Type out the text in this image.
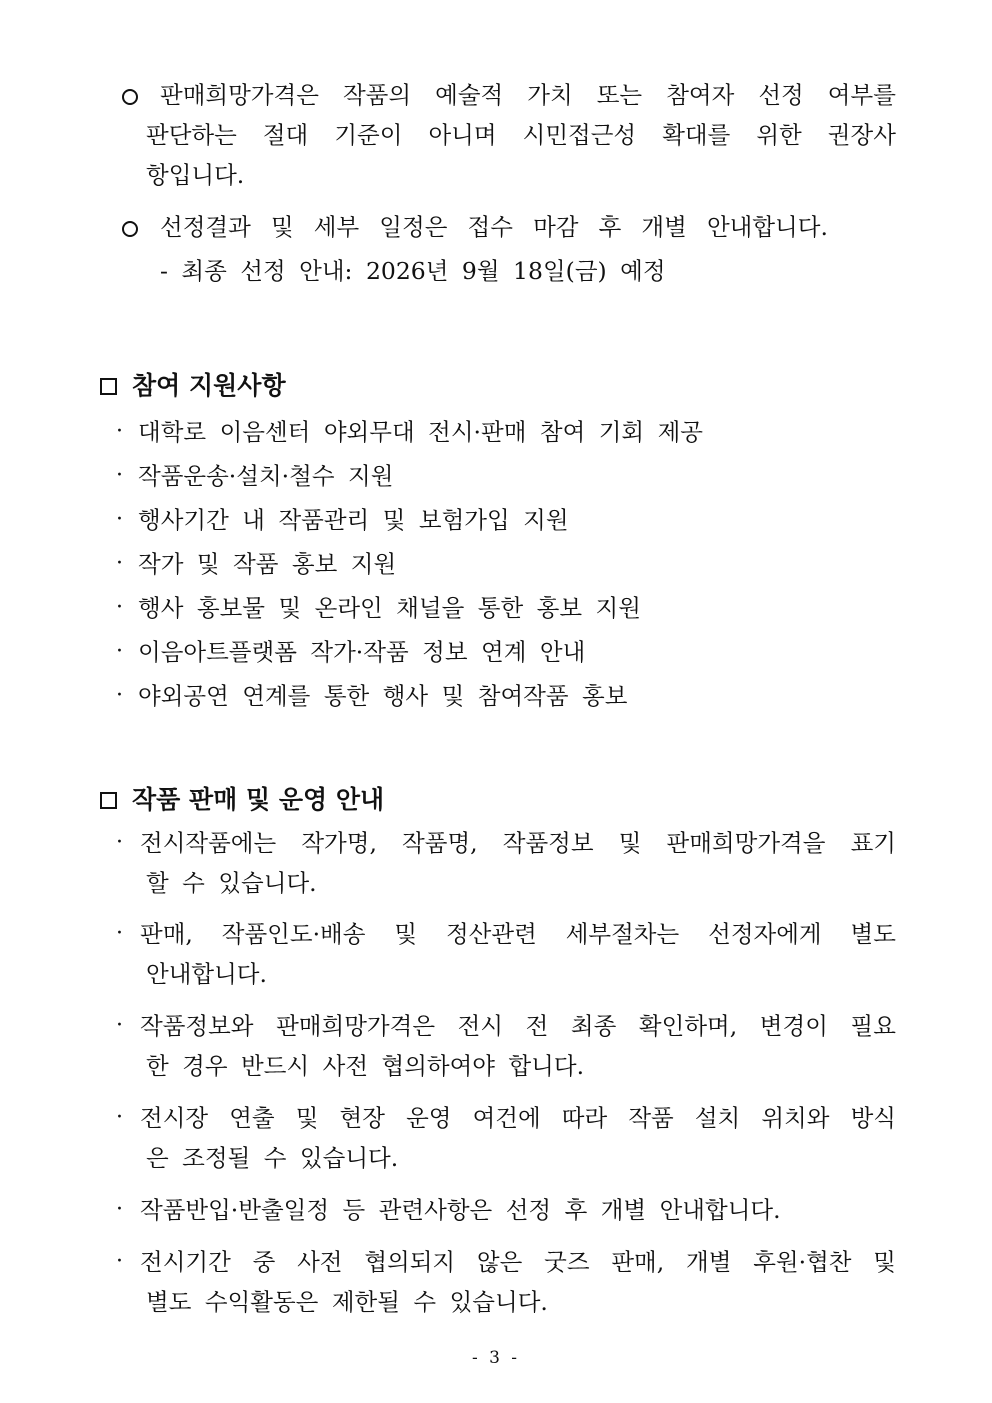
판매희망가격은 작품의 예술적 가치 또는 참여자 선정 여부를
판단하는 절대 기준이 아니며 시민접근성 확대를 위한 권장사
항입니다.
선정결과 및 세부 일정은 접수 마감 후 개별 안내합니다.
- 최종 선정 안내: 2026년 9월 18일(금) 예정
참여 지원사항
· 대학로 이음센터 야외무대 전시·판매 참여 기회 제공
· 작품운송·설치·철수 지원
· 행사기간 내 작품관리 및 보험가입 지원
· 작가 및 작품 홍보 지원
· 행사 홍보물 및 온라인 채널을 통한 홍보 지원
· 이음아트플랫폼 작가·작품 정보 연계 안내
· 야외공연 연계를 통한 행사 및 참여작품 홍보
작품 판매 및 운영 안내
· 전시작품에는 작가명, 작품명, 작품정보 및 판매희망가격을 표기
할 수 있습니다.
· 판매, 작품인도·배송 및 정산관련 세부절차는 선정자에게 별도
안내합니다.
· 작품정보와 판매희망가격은 전시 전 최종 확인하며, 변경이 필요
한 경우 반드시 사전 협의하여야 합니다.
· 전시장 연출 및 현장 운영 여건에 따라 작품 설치 위치와 방식
은 조정될 수 있습니다.
· 작품반입·반출일정 등 관련사항은 선정 후 개별 안내합니다.
· 전시기간 중 사전 협의되지 않은 굿즈 판매, 개별 후원·협찬 및
별도 수익활동은 제한될 수 있습니다.
- 3 -
